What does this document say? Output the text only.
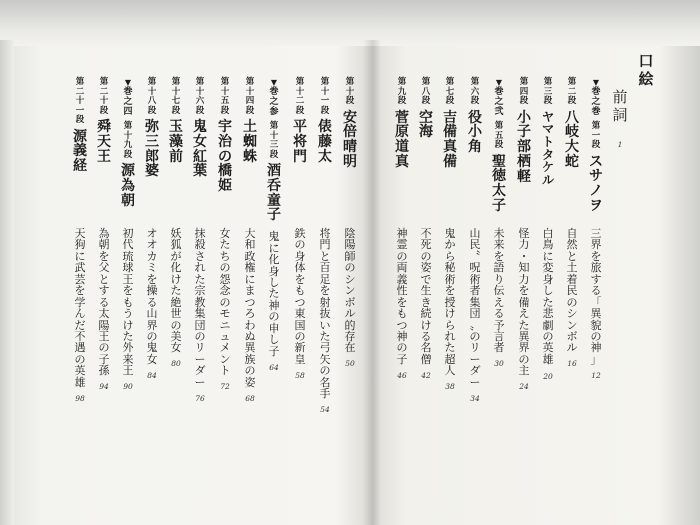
口
絵
前
詞
1
▼
巻
之
巻
第
一
段
ス
サ
ノ
ヲ
三
界
を
旅
す
る
「
異
貌
の
神
」
12
第
二
段
八
岐
大
蛇
自
然
と
土
着
民
の
シ
ン
ボ
ル
16
第
三
段
ヤ
マ
ト
タ
ケ
ル
白
鳥
に
変
身
し
た
悲
劇
の
英
雄
20
第
四
段
小
子
部
栖
軽
怪
力
・
知
力
を
備
え
た
異
界
の
主
24
▼
巻
之
弐
第
五
段
聖
徳
太
子
未
来
を
語
り
伝
え
る
予
言
者
30
第
六
段
役
小
角
山
民
〝
呪
術
者
集
団
〟
の
リ
ー
ダ
ー
34
第
七
段
吉
備
真
備
鬼
か
ら
秘
術
を
授
け
ら
れ
た
超
人
38
第
八
段
空
海
不
死
の
姿
で
生
き
続
け
る
名
僧
42
第
九
段
菅
原
道
真
神
霊
の
両
義
性
を
も
つ
神
の
子
46
第
十
段
安
倍
晴
明
陰
陽
師
の
シ
ン
ボ
ル
的
存
在
50
第
十
一
段
俵
藤
太
将
門
と
百
足
を
射
抜
い
た
弓
矢
の
名
手
54
第
十
二
段
平
将
門
鉄
の
身
体
を
も
つ
東
国
の
新
皇
58
▼
巻
之
参
第
十
三
段
酒
呑
童
子
鬼
に
化
身
し
た
神
の
申
し
子
64
第
十
四
段
土
蜘
蛛
大
和
政
権
に
ま
つ
ろ
わ
ぬ
異
族
の
姿
68
第
十
五
段
宇
治
の
橋
姫
女
た
ち
の
怨
念
の
モ
ニ
ュ
メ
ン
ト
72
第
十
六
段
鬼
女
紅
葉
抹
殺
さ
れ
た
宗
教
集
団
の
リ
ー
ダ
ー
76
第
十
七
段
玉
藻
前
妖
狐
が
化
け
た
絶
世
の
美
女
80
第
十
八
段
弥
三
郎
婆
オ
オ
カ
ミ
を
操
る
山
界
の
鬼
女
84
▼
巻
之
四
第
十
九
段
源
為
朝
初
代
琉
球
王
を
も
う
け
た
外
来
王
90
第
二
十
段
舜
天
王
為
朝
を
父
と
す
る
太
陽
王
の
子
孫
94
第
二
十
一
段
源
義
経
天
狗
に
武
芸
を
学
ん
だ
不
遇
の
英
雄
98
